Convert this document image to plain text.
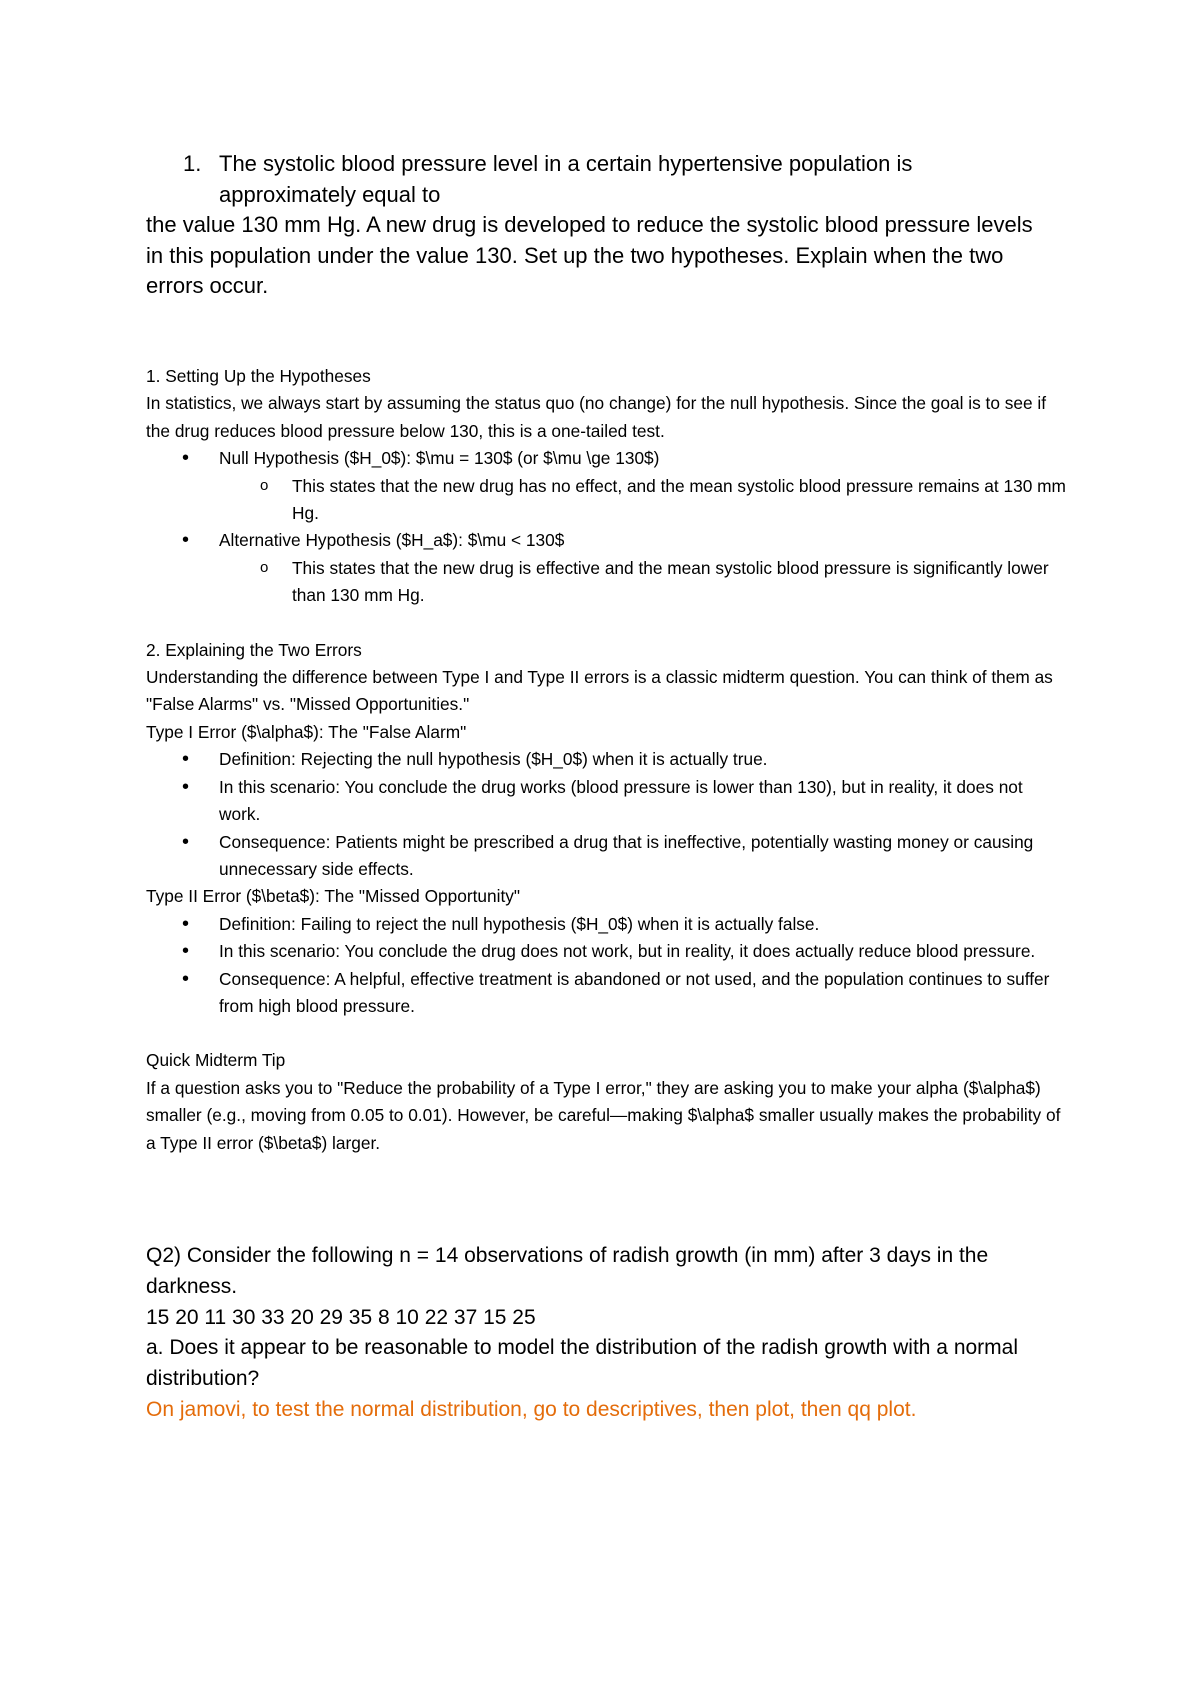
1. The systolic blood pressure level in a certain hypertensive population is approximately equal to
the value 130 mm Hg. A new drug is developed to reduce the systolic blood pressure levels in this population under the value 130. Set up the two hypotheses. Explain when the two errors occur.

1. Setting Up the Hypotheses

In statistics, we always start by assuming the status quo (no change) for the null hypothesis. Since the goal is to see if the drug reduces blood pressure below 130, this is a one-tailed test.

• Null Hypothesis ($H_0$): $\mu = 130$ (or $\mu \ge 130$)
o This states that the new drug has no effect, and the mean systolic blood pressure remains at 130 mm Hg.
• Alternative Hypothesis ($H_a$): $\mu < 130$
o This states that the new drug is effective and the mean systolic blood pressure is significantly lower than 130 mm Hg.

2. Explaining the Two Errors

Understanding the difference between Type I and Type II errors is a classic midterm question. You can think of them as "False Alarms" vs. "Missed Opportunities."

Type I Error ($\alpha$): The "False Alarm"

• Definition: Rejecting the null hypothesis ($H_0$) when it is actually true.
• In this scenario: You conclude the drug works (blood pressure is lower than 130), but in reality, it does not work.
• Consequence: Patients might be prescribed a drug that is ineffective, potentially wasting money or causing unnecessary side effects.

Type II Error ($\beta$): The "Missed Opportunity"

• Definition: Failing to reject the null hypothesis ($H_0$) when it is actually false.
• In this scenario: You conclude the drug does not work, but in reality, it does actually reduce blood pressure.
• Consequence: A helpful, effective treatment is abandoned or not used, and the population continues to suffer from high blood pressure.

Quick Midterm Tip

If a question asks you to "Reduce the probability of a Type I error," they are asking you to make your alpha ($\alpha$) smaller (e.g., moving from 0.05 to 0.01). However, be careful—making $\alpha$ smaller usually makes the probability of a Type II error ($\beta$) larger.

Q2) Consider the following n = 14 observations of radish growth (in mm) after 3 days in the darkness.

15 20 11 30 33 20 29 35 8 10 22 37 15 25

a. Does it appear to be reasonable to model the distribution of the radish growth with a normal distribution?

On jamovi, to test the normal distribution, go to descriptives, then plot, then qq plot.
